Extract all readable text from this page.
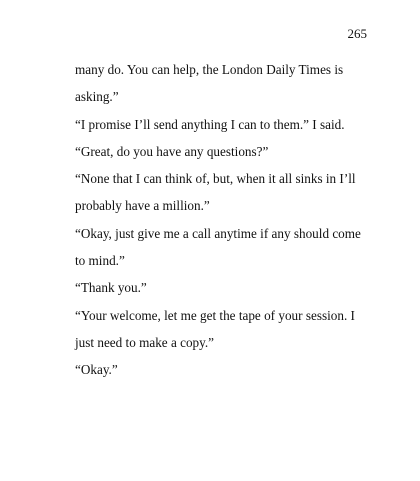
265
many do. You can help, the London Daily Times is
asking.”
“I promise I’ll send anything I can to them.” I said.
“Great, do you have any questions?”
“None that I can think of, but, when it all sinks in I’ll
probably have a million.”
“Okay, just give me a call anytime if any should come
to mind.”
“Thank you.”
“Your welcome, let me get the tape of your session. I
just need to make a copy.”
“Okay.”
